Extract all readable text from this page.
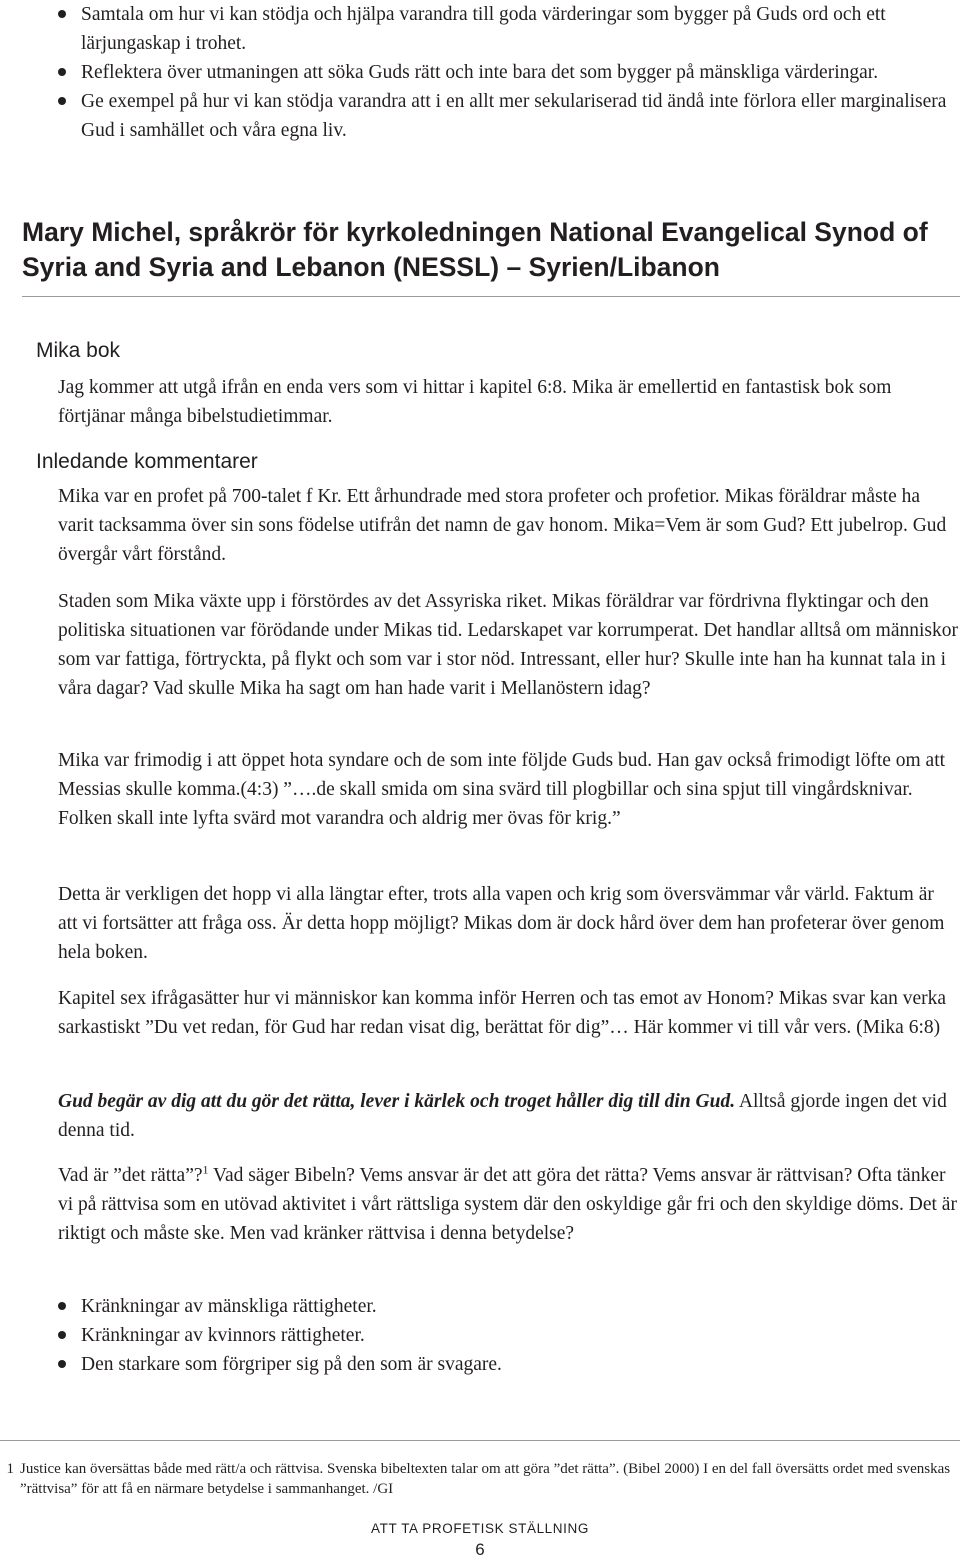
Samtala om hur vi kan stödja och hjälpa varandra till goda värderingar som bygger på Guds ord och ett lärjungaskap i trohet.
Reflektera över utmaningen att söka Guds rätt och inte bara det som bygger på mänskliga värderingar.
Ge exempel på hur vi kan stödja varandra att i en allt mer sekulariserad tid ändå inte förlora eller marginalisera Gud i samhället och våra egna liv.
Mary Michel, språkrör för kyrkoledningen National Evangelical Synod of Syria and Syria and Lebanon (NESSL) – Syrien/Libanon
Mika bok

Jag kommer att utgå ifrån en enda vers som vi hittar i kapitel 6:8. Mika är emellertid en fantastisk bok som förtjänar många bibelstudietimmar.

Inledande kommentarer

Mika var en profet på 700-talet f Kr. Ett århundrade med stora profeter och profetior. Mikas föräldrar måste ha varit tacksamma över sin sons födelse utifrån det namn de gav honom. Mika=Vem är som Gud? Ett jubelrop. Gud övergår vårt förstånd.

Staden som Mika växte upp i förstördes av det Assyriska riket. Mikas föräldrar var fördrivna flyktingar och den politiska situationen var förödande under Mikas tid. Ledarskapet var korrumperat. Det handlar alltså om människor som var fattiga, förtryckta, på flykt och som var i stor nöd. Intressant, eller hur? Skulle inte han ha kunnat tala in i våra dagar? Vad skulle Mika ha sagt om han hade varit i Mellanöstern idag?

Mika var frimodig i att öppet hota syndare och de som inte följde Guds bud. Han gav också frimodigt löfte om att Messias skulle komma.(4:3) ”….de skall smida om sina svärd till plogbillar och sina spjut till vingårdsknivar. Folken skall inte lyfta svärd mot varandra och aldrig mer övas för krig.”

Detta är verkligen det hopp vi alla längtar efter, trots alla vapen och krig som översvämmar vår värld. Faktum är att vi fortsätter att fråga oss. Är detta hopp möjligt? Mikas dom är dock hård över dem han profeterar över genom hela boken.

Kapitel sex ifrågasätter hur vi människor kan komma inför Herren och tas emot av Honom? Mikas svar kan verka sarkastiskt ”Du vet redan, för Gud har redan visat dig, berättat för dig”… Här kommer vi till vår vers. (Mika 6:8)

Gud begär av dig att du gör det rätta, lever i kärlek och troget håller dig till din Gud. Alltså gjorde ingen det vid denna tid.

Vad är ”det rätta”?$^1$ Vad säger Bibeln? Vems ansvar är det att göra det rätta? Vems ansvar är rättvisan? Ofta tänker vi på rättvisa som en utövad aktivitet i vårt rättsliga system där den oskyldige går fri och den skyldige döms. Det är riktigt och måste ske. Men vad kränker rättvisa i denna betydelse?

Kränkningar av mänskliga rättigheter.
Kränkningar av kvinnors rättigheter.
Den starkare som förgriper sig på den som är svagare.
1 Justice kan översättas både med rätt/a och rättvisa. Svenska bibeltexten talar om att göra ”det rätta”. (Bibel 2000) I en del fall översätts ordet med svenskas ”rättvisa” för att få en närmare betydelse i sammanhanget. /GI
ATT TA PROFETISK STÄLLNING
6
